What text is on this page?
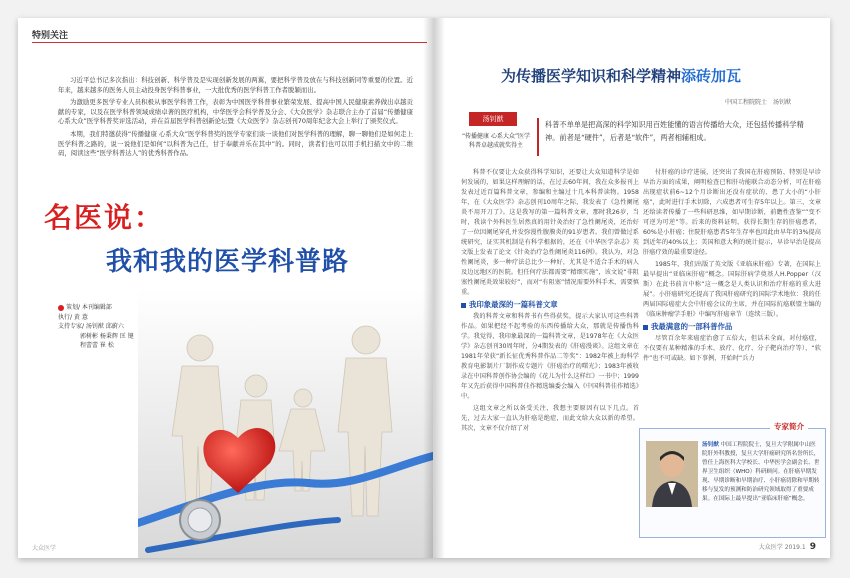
特别关注

习近平总书记多次指出：科技创新、科学普及是实现创新发展的两翼，要把科学普及放在与科技创新同等重要的位置。近年来，越来越多的医务人员主动投身医学科普事业，一大批优秀的医学科普工作者脱颖而出。

为激励更多医学专业人员积极从事医学科普工作，表彰为中国医学科普事业繁荣发展、提高中国人民健康素养做出卓越贡献的专家，以及在医学科普领域成绩卓著的医疗机构，中华医学会科学普及分会、《大众医学》杂志联合主办了首届“传播健康 心系大众”医学科普奖评选活动，并在首届医学科普创新论坛暨《大众医学》杂志创刊70周年纪念大会上举行了颁奖仪式。

本期，我们特邀获得“传播健康 心系大众”医学科普奖的医学专家们谈一谈他们对医学科普的理解，聊一聊他们是如何走上医学科普之路的，说一说他们是如何“以科普为己任，甘于奉献并乐在其中”的。同时，读者们也可以用手机扫描文中的二维码，阅读这些“医学科普达人”的优秀科普作品。

名医说：
我和我的医学科普路
策划/ 本刊编辑部
执行/ 黄 薏
支持专家/ 汤钊猷 邱蔚六
郭树彬 杨秉辉 匡 键
程蕾蕾 崔 松
大众医学
为传播医学知识和科学精神添砖加瓦
中国工程院院士　汤钊猷
汤钊猷
“传播健康 心系大众”医学科普卓越成就奖得主
科普不单单是把高深的科学知识用百姓能懂的语言传播给大众，还包括传播科学精神。前者是“硬件”，后者是“软件”，两者相辅相成。

科普不仅要让大众获得科学知识，还要让大众知道科学是如何发展的，如果这样理解的话，在过去60年间，我在众多报刊上发表过近百篇科普文章，参编和主编过十几本科普读物。1958年，在《大众医学》杂志创刊10周年之际，我发表了《急性阑尾炎不用开刀了》。这是我写的第一篇科普文章，那时我26岁，当时，我读个外科医生居然真的用针灸治好了急性阑尾炎，还治好了一位因阑尾穿孔并发弥漫性腹膜炎的91岁患者。我们曾做过系统研究，证实其机制是有科学根据的，还在《中华医学杂志》英文版上发表了论文《针灸治疗急性阑尾炎116例》。我认为，对急性阑尾炎，多一种疗法总比少一种好，尤其是不适合手术的病人及边远地区的医院。但任何疗法都需要“精细实施”，该文说“非阻塞性阑尾炎效果较好”，而对“有阻塞”情况需要外科手术，需要慎重。

我印象最深的一篇科普文章

我的科普文章和科普书有些得获奖，提示大家认可这些科普作品。如果把经不起考验的东西传播给大众，那就是传播伪科学。我觉得，我印象最深的一篇科普文章，是1978年在《大众医学》杂志创刊30周年时，分4期发表的《肝癌漫谈》。这组文章在1981年荣获“新长征优秀科普作品二等奖”：1982年被上海科学教育电影制片厂制作成专题片《肝癌治疗的曙光》；1983年被收录在中国科普创作协会编的《花儿为什么这样红》一书中；1999年又先后获得中国科普佳作精选编委会编入《中国科普佳作精选》中。

这组文章之所以备受关注，我想主要原因有以下几点。首先，过去大家一直认为肝癌是绝症，而此文给大众以新的希望。其次，文章不仅介绍了对

付肝癌的诊疗进展，还突出了我国在肝癌预防、特别是早诊早治方面的成果，阐明检查已和肝功能联合动态分析，可在肝癌出现症状前6~12个月诊断出还没有症状的、患了大小的“小肝癌”，此时进行手术切除，六成患者可生存5年以上。第三，文章还给读者传播了一些科研思维，如早期诊断，前瞻性查鉴“”变不可逆为可逆”等。后来的资料证明，获得长期生存的肝癌患者，60%是小肝癌；住院肝癌患者5年生存率也因此由早年的3%提高到近年的40%以上；美国和意大利的统计提示，早诊早治是提高肝癌疗效的最重要途径。

1985年，我们出版了英文版《亚临床肝癌》专著，在国际上最早提出“亚临床肝癌”概念。国际肝病学奠基人H.Popper（汉斯）在此书前言中称“这一概念是人类认识和治疗肝癌的重大进展”。小肝癌研究还提高了我国肝癌研究的国际学术地位：我的任两届国际癌症大会中肝癌会议的主席，并在国际抗癌联盟主编的《临床肿瘤学手册》中编写肝癌章节（连续三版）。

我最满意的一部科普作品

尽管百余年来癌症治愈了五倍大，但话未全面，对付癌症，不仅要有某种精准的手术、放疗、化疗、分子靶向治疗等），“软件”也不可或缺。如下事例，开始时“兵力

专家简介
汤钊猷 中国工程院院士，复旦大学附属中山医院肝外科教授，复旦大学肝癌研究所名誉所长，曾任上海医科大学校长、中华医学会副会长、世界卫生组织（WHO）科研顾问。在肝癌早期发现、早期诊断和早期治疗、小肝癌切除和早期转移与复发的预测和防治研究领域取得了重要成果。在国际上最早提出“亚临床肝癌”概念。
大众医学 2019.1 9
